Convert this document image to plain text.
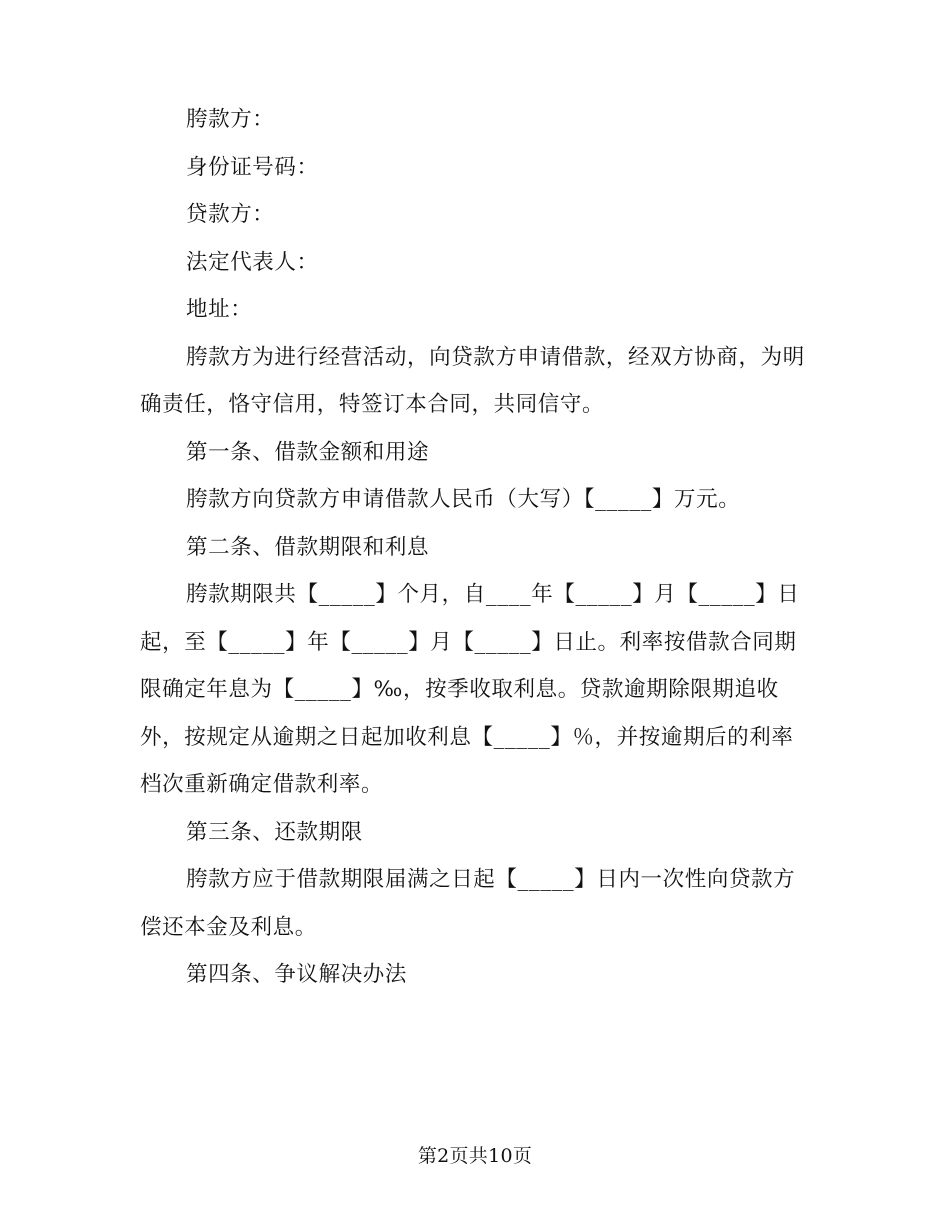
胯款方：

身份证号码：

贷款方：

法定代表人：

地址：

胯款方为进行经营活动，向贷款方申请借款，经双方协商，为明确责任，恪守信用，特签订本合同，共同信守。

第一条、借款金额和用途

胯款方向贷款方申请借款人民币（大写）【_____】万元。

第二条、借款期限和利息

胯款期限共【_____】个月，自____年【_____】月【_____】日起，至【_____】年【_____】月【_____】日止。利率按借款合同期限确定年息为【_____】‰，按季收取利息。贷款逾期除限期追收外，按规定从逾期之日起加收利息【_____】％，并按逾期后的利率档次重新确定借款利率。

第三条、还款期限

胯款方应于借款期限届满之日起【_____】日内一次性向贷款方偿还本金及利息。

第四条、争议解决办法

第2页共10页
